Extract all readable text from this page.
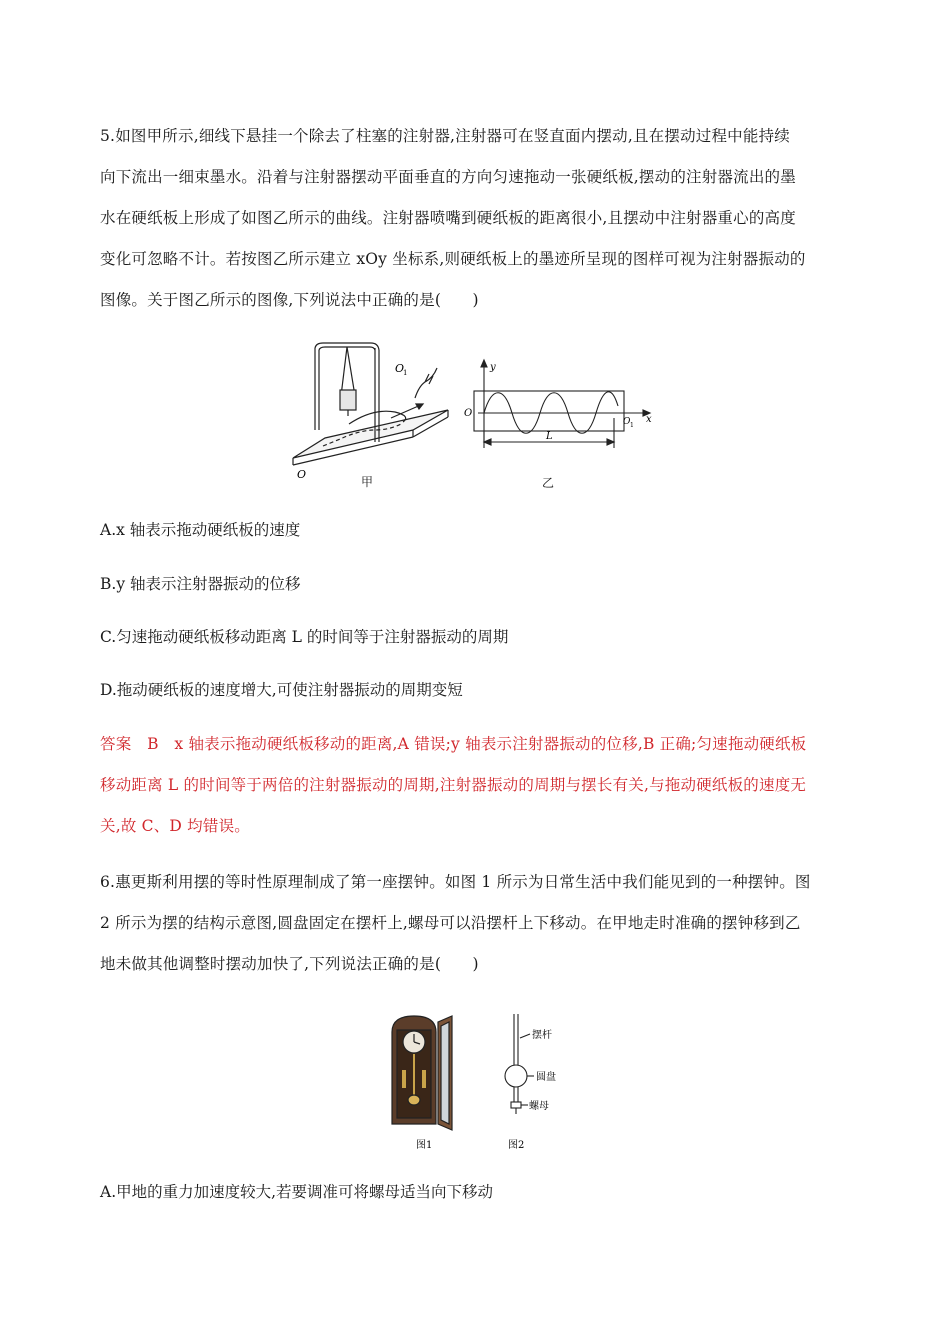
5.如图甲所示,细线下悬挂一个除去了柱塞的注射器,注射器可在竖直面内摆动,且在摆动过程中能持续
向下流出一细束墨水。沿着与注射器摆动平面垂直的方向匀速拖动一张硬纸板,摆动的注射器流出的墨
水在硬纸板上形成了如图乙所示的曲线。注射器喷嘴到硬纸板的距离很小,且摆动中注射器重心的高度
变化可忽略不计。若按图乙所示建立 xOy 坐标系,则硬纸板上的墨迹所呈现的图样可视为注射器振动的
图像。关于图乙所示的图像,下列说法中正确的是(　　)
O
1
O
甲
y
O
O 1
x
L
乙
A.x 轴表示拖动硬纸板的速度
B.y 轴表示注射器振动的位移
C.匀速拖动硬纸板移动距离 L 的时间等于注射器振动的周期
D.拖动硬纸板的速度增大,可使注射器振动的周期变短
答案　B　x 轴表示拖动硬纸板移动的距离,A 错误;y 轴表示注射器振动的位移,B 正确;匀速拖动硬纸板
移动距离 L 的时间等于两倍的注射器振动的周期,注射器振动的周期与摆长有关,与拖动硬纸板的速度无
关,故 C、D 均错误。
6.惠更斯利用摆的等时性原理制成了第一座摆钟。如图 1 所示为日常生活中我们能见到的一种摆钟。图
2 所示为摆的结构示意图,圆盘固定在摆杆上,螺母可以沿摆杆上下移动。在甲地走时准确的摆钟移到乙
地未做其他调整时摆动加快了,下列说法正确的是(　　)
摆杆
圆盘
螺母
图1	图2
A.甲地的重力加速度较大,若要调准可将螺母适当向下移动
